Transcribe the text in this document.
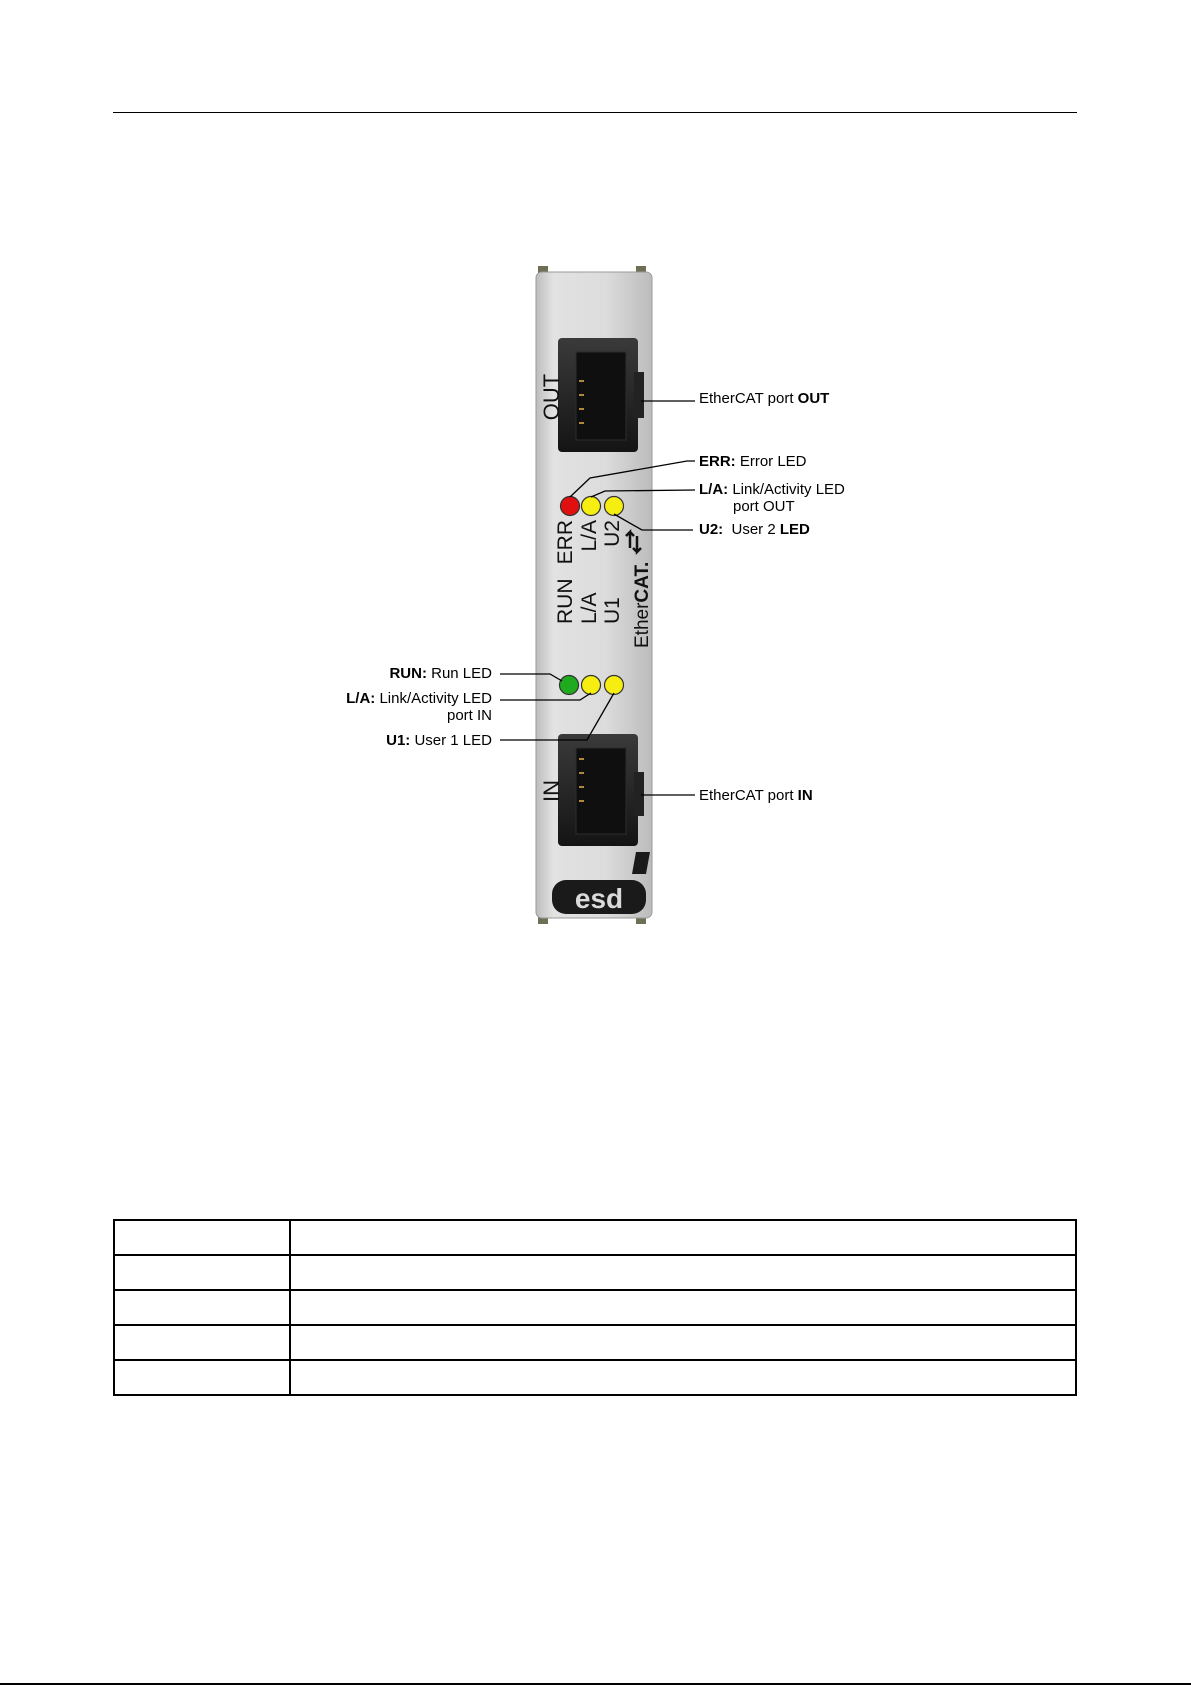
OUT
IN
ERR L/A U2
RUN L/A U1 EtherCAT.
esd
EtherCAT port OUT
ERR: Error LED
L/A: Link/Activity LED
port OUT
U2:  User 2 LED
EtherCAT port IN
RUN: Run LED
L/A: Link/Activity LED
port IN
U1: User 1 LED
